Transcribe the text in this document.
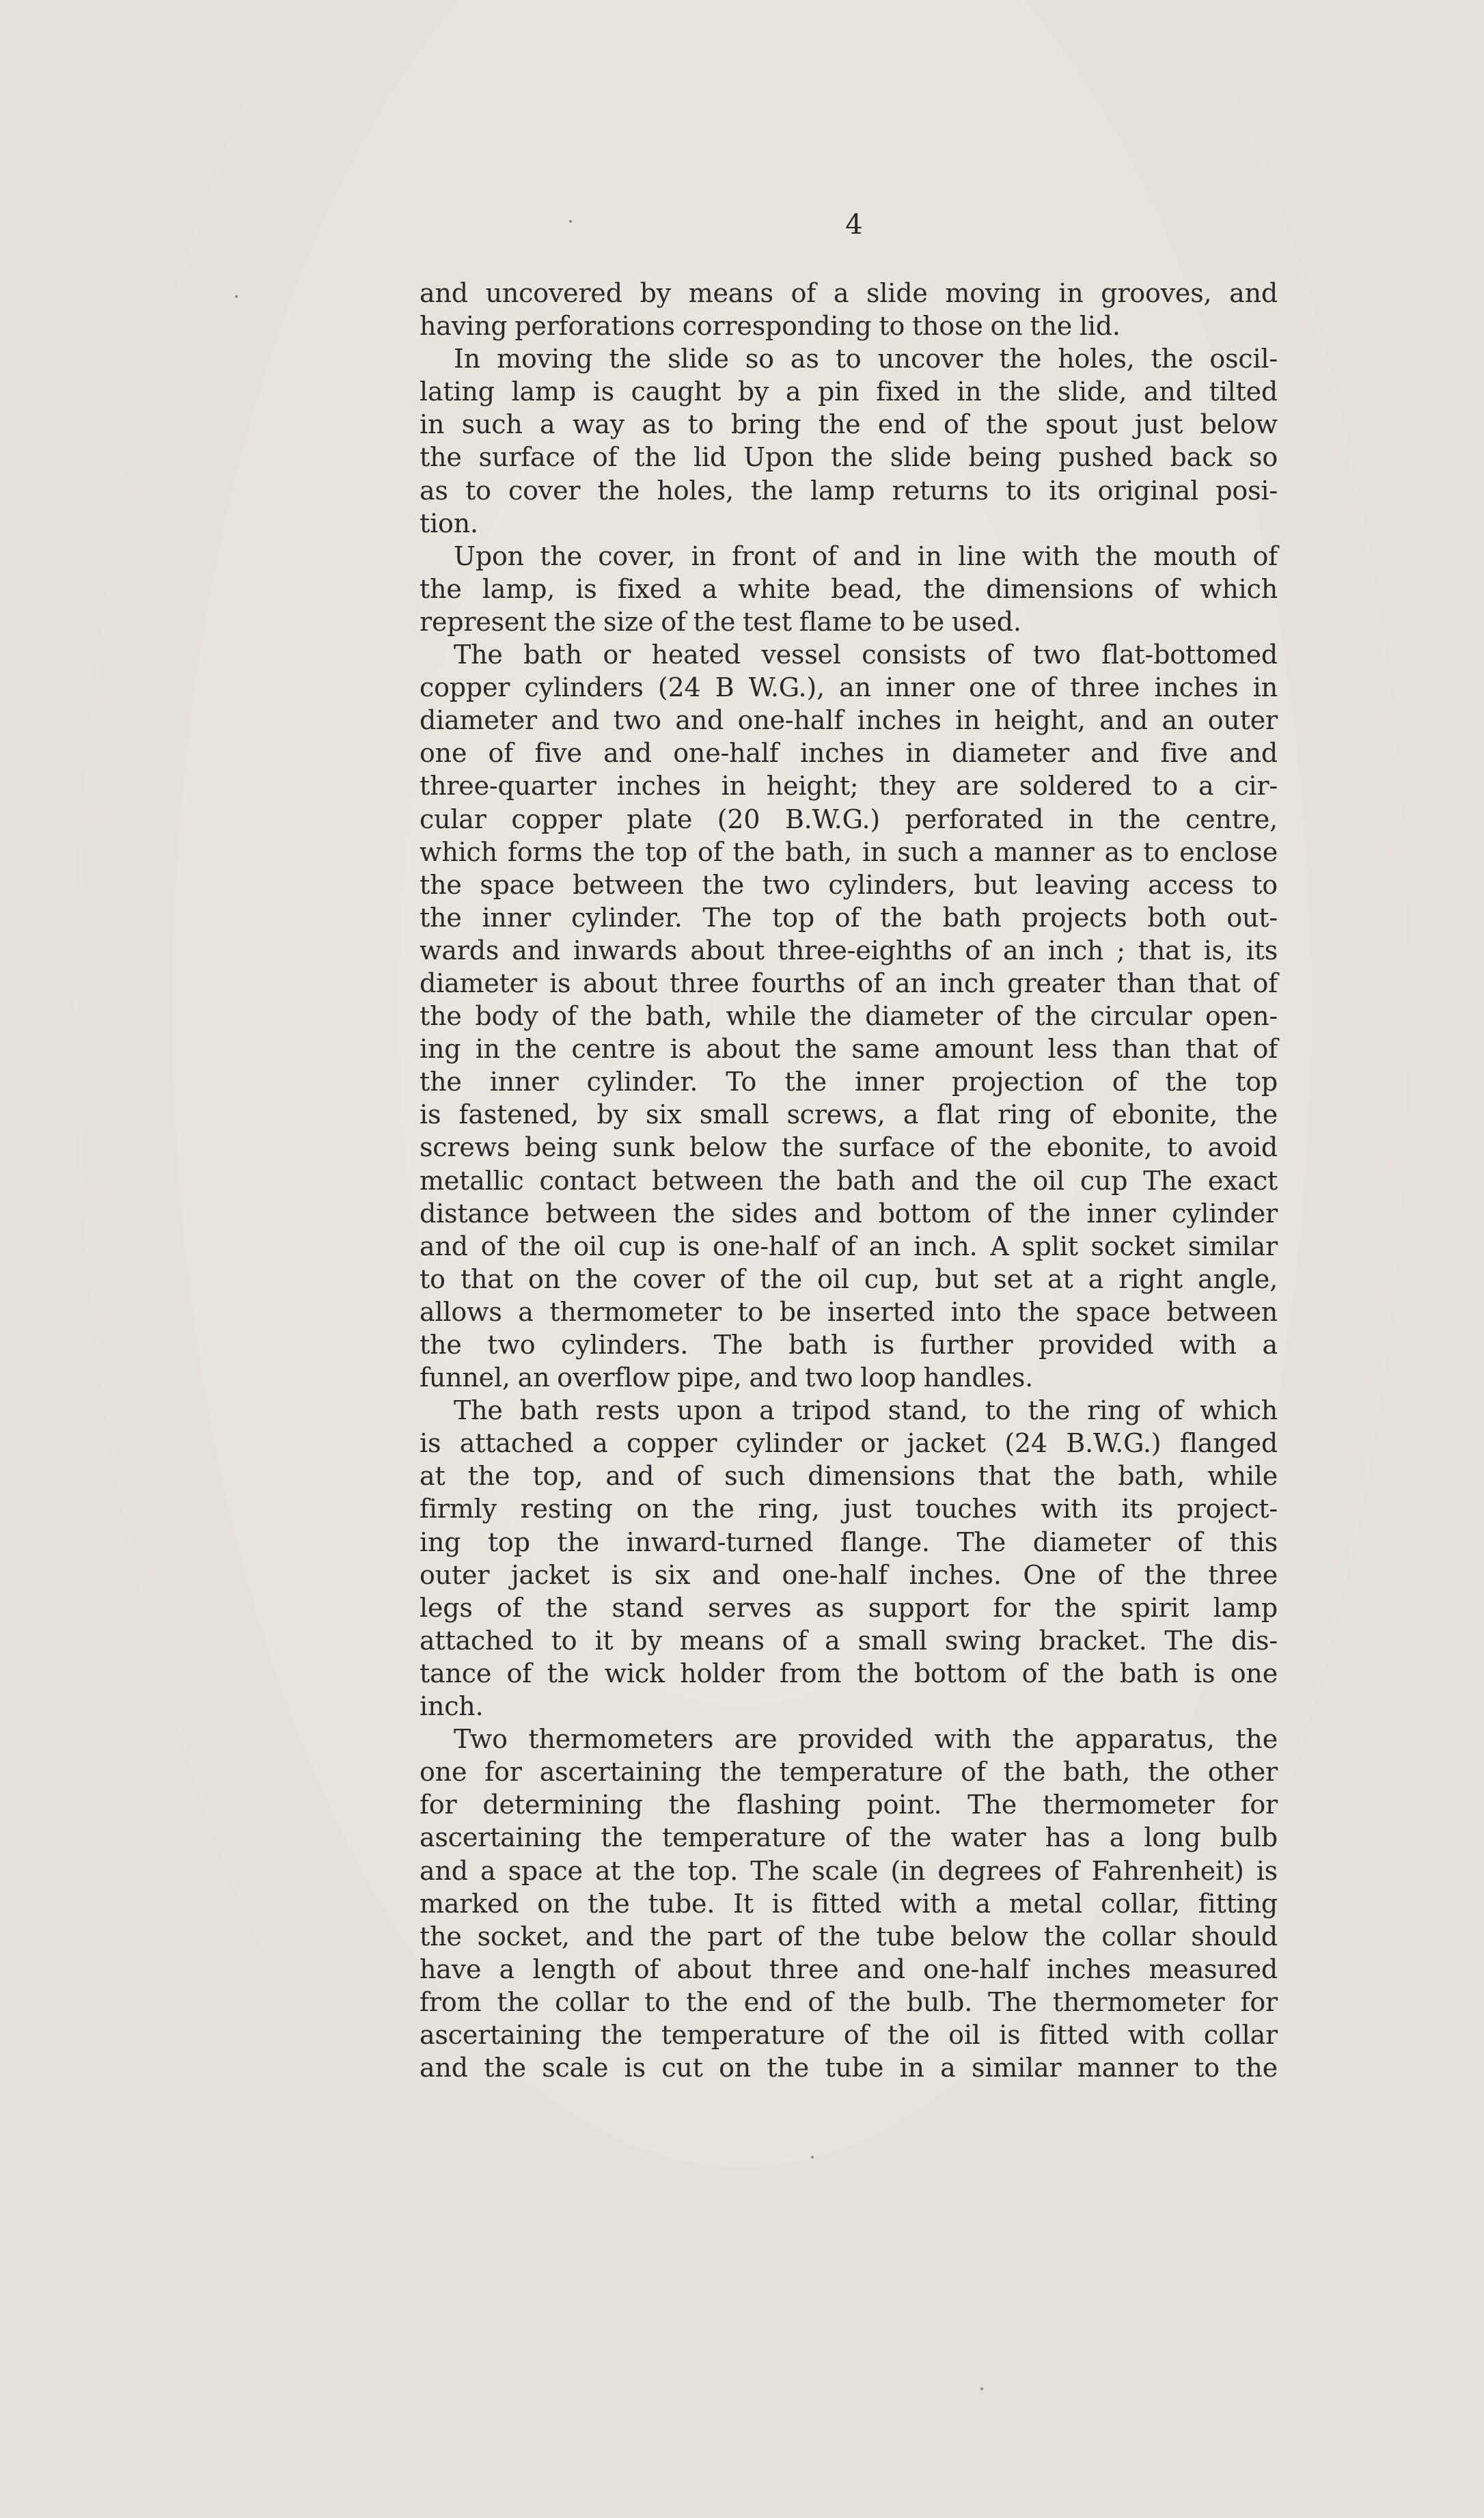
4
and uncovered by means of a slide moving in grooves, and
having perforations corresponding to those on the lid.
In moving the slide so as to uncover the holes, the oscil-
lating lamp is caught by a pin fixed in the slide, and tilted
in such a way as to bring the end of the spout just below
the surface of the lid Upon the slide being pushed back so
as to cover the holes, the lamp returns to its original posi-
tion.
Upon the cover, in front of and in line with the mouth of
the lamp, is fixed a white bead, the dimensions of which
represent the size of the test flame to be used.
The bath or heated vessel consists of two flat-bottomed
copper cylinders (24 B W.G.), an inner one of three inches in
diameter and two and one-half inches in height, and an outer
one of five and one-half inches in diameter and five and
three-quarter inches in height; they are soldered to a cir-
cular copper plate (20 B.W.G.) perforated in the centre,
which forms the top of the bath, in such a manner as to enclose
the space between the two cylinders, but leaving access to
the inner cylinder. The top of the bath projects both out-
wards and inwards about three-eighths of an inch ; that is, its
diameter is about three fourths of an inch greater than that of
the body of the bath, while the diameter of the circular open-
ing in the centre is about the same amount less than that of
the inner cylinder. To the inner projection of the top
is fastened, by six small screws, a flat ring of ebonite, the
screws being sunk below the surface of the ebonite, to avoid
metallic contact between the bath and the oil cup The exact
distance between the sides and bottom of the inner cylinder
and of the oil cup is one-half of an inch. A split socket similar
to that on the cover of the oil cup, but set at a right angle,
allows a thermometer to be inserted into the space between
the two cylinders. The bath is further provided with a
funnel, an overflow pipe, and two loop handles.
The bath rests upon a tripod stand, to the ring of which
is attached a copper cylinder or jacket (24 B.W.G.) flanged
at the top, and of such dimensions that the bath, while
firmly resting on the ring, just touches with its project-
ing top the inward-turned flange. The diameter of this
outer jacket is six and one-half inches. One of the three
legs of the stand serves as support for the spirit lamp
attached to it by means of a small swing bracket. The dis-
tance of the wick holder from the bottom of the bath is one
inch.
Two thermometers are provided with the apparatus, the
one for ascertaining the temperature of the bath, the other
for determining the flashing point. The thermometer for
ascertaining the temperature of the water has a long bulb
and a space at the top. The scale (in degrees of Fahrenheit) is
marked on the tube. It is fitted with a metal collar, fitting
the socket, and the part of the tube below the collar should
have a length of about three and one-half inches measured
from the collar to the end of the bulb. The thermometer for
ascertaining the temperature of the oil is fitted with collar
and the scale is cut on the tube in a similar manner to the
